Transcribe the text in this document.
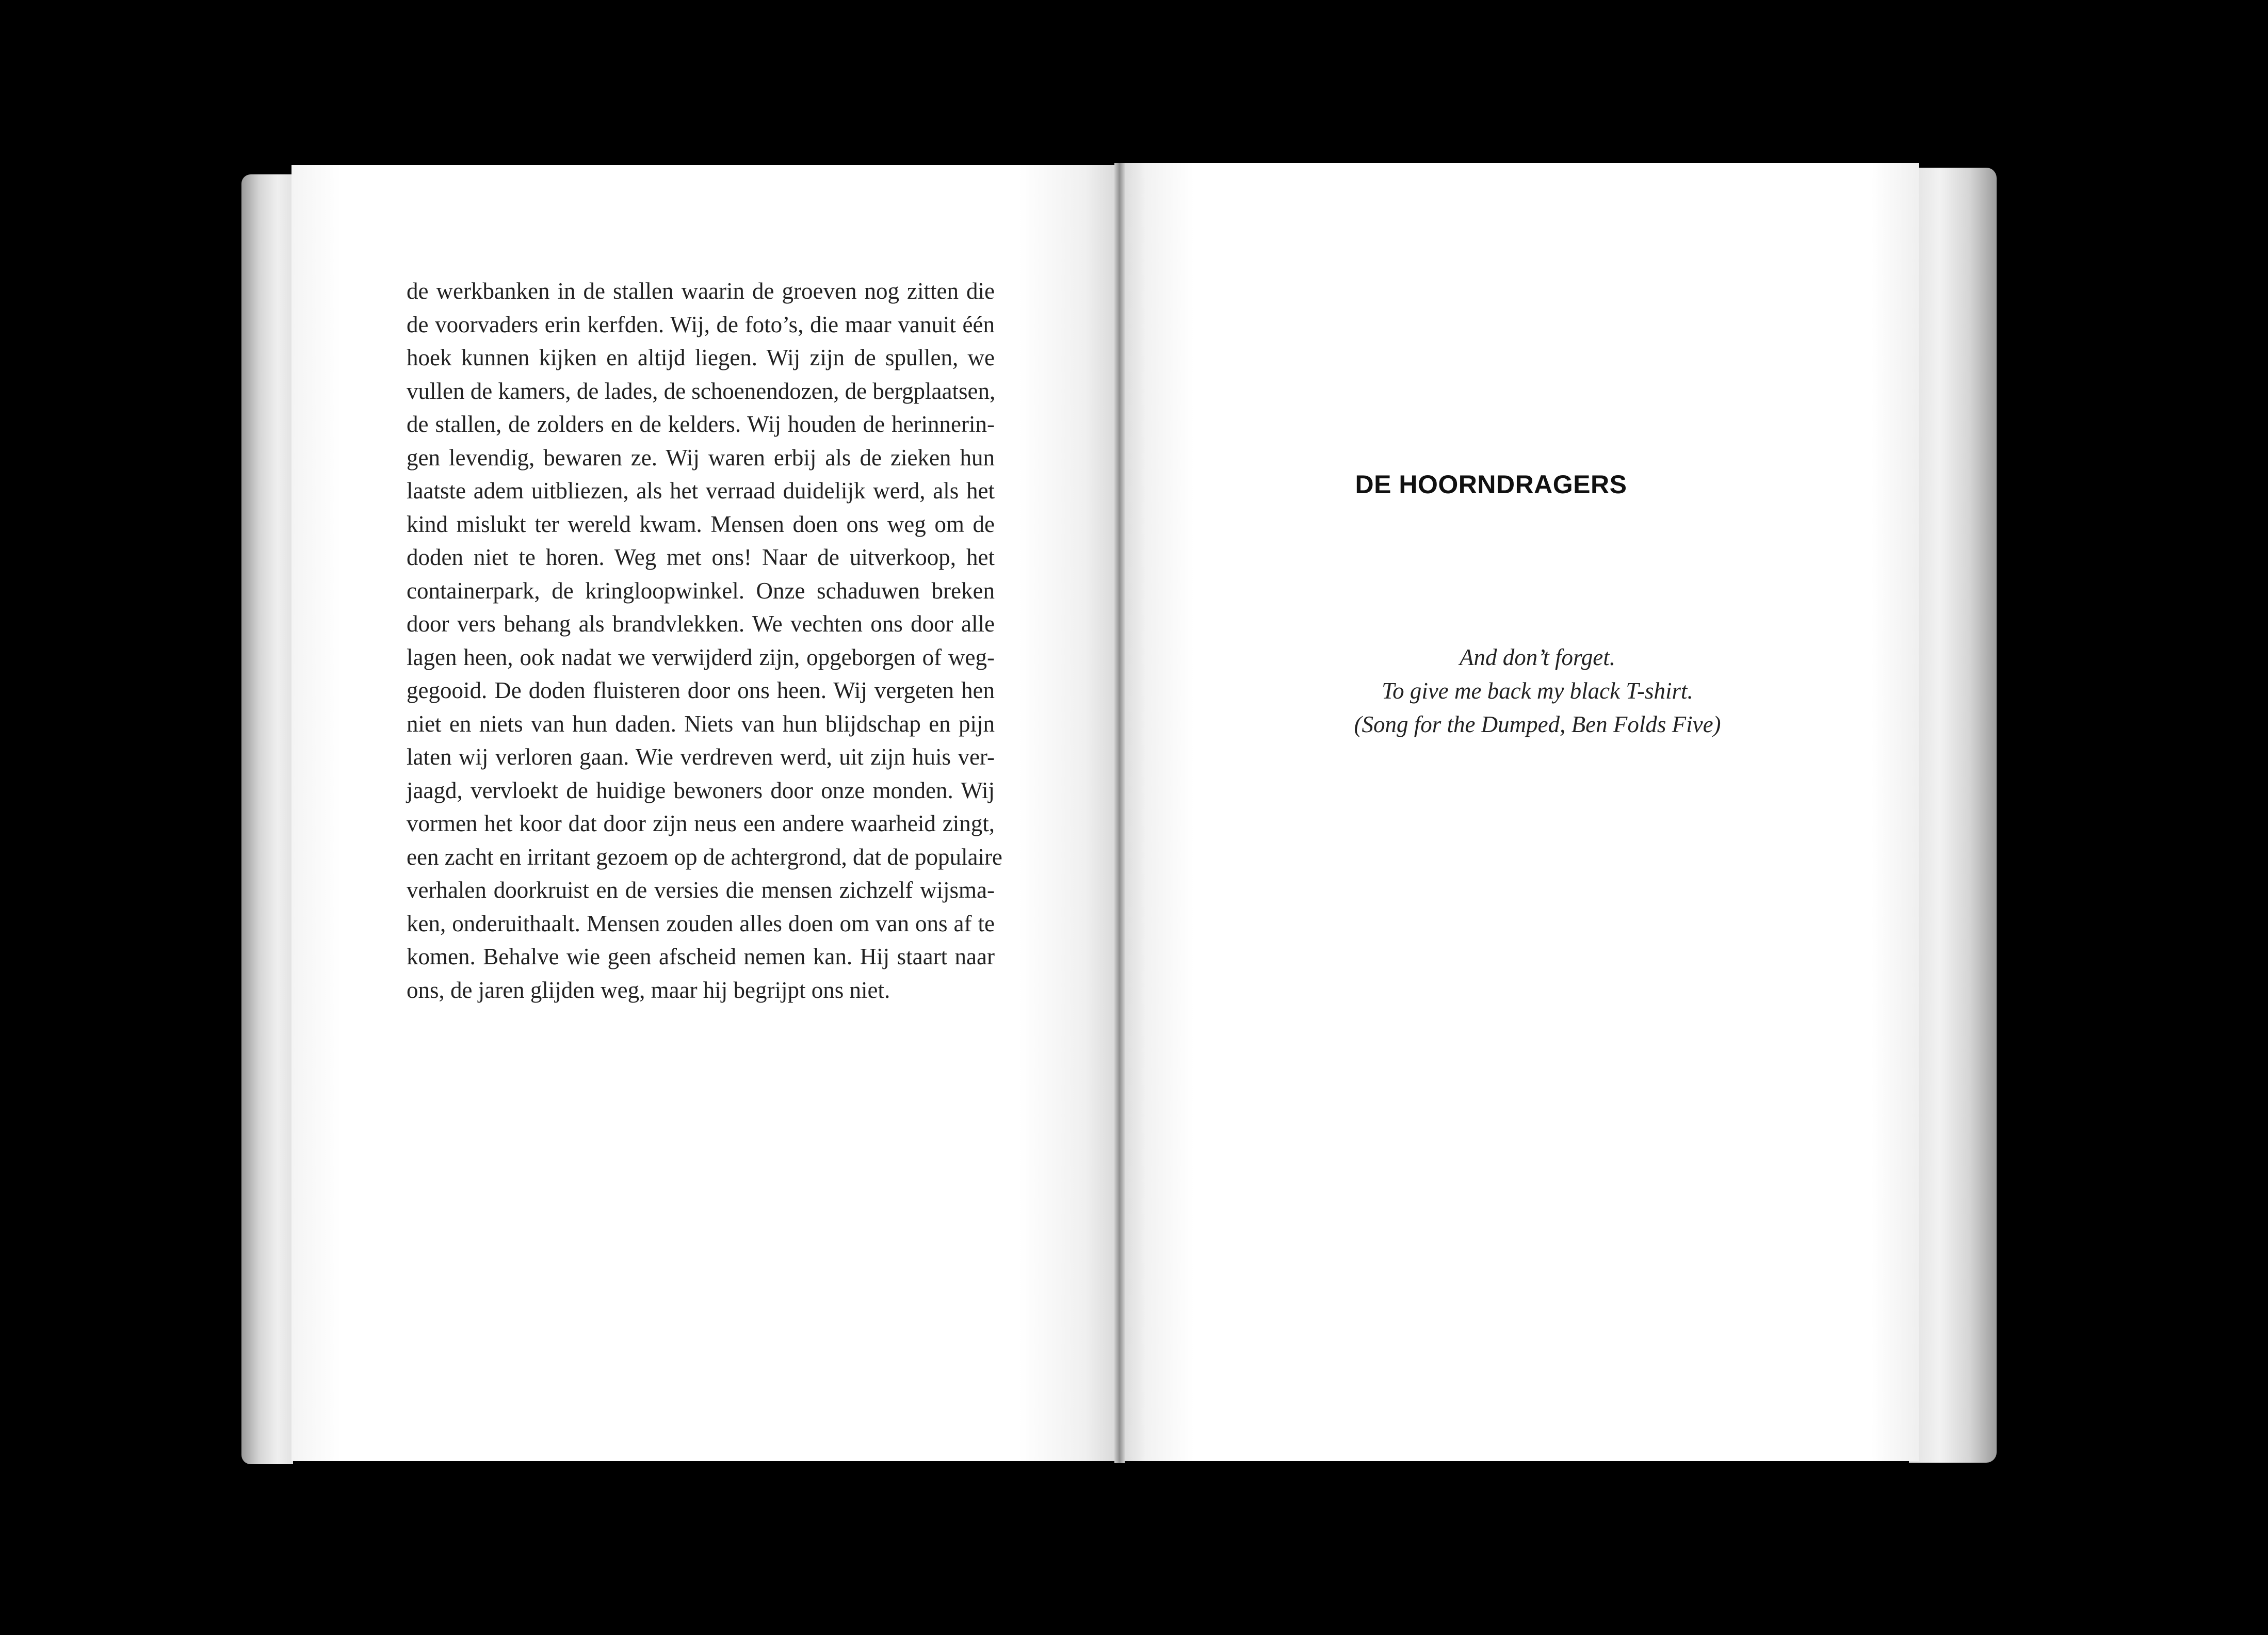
de werkbanken in de stallen waarin de groeven nog zitten die

de voorvaders erin kerfden. Wij, de foto’s, die maar vanuit één

hoek kunnen kijken en altijd liegen. Wij zijn de spullen, we

vullen de kamers, de lades, de schoenendozen, de bergplaatsen,

de stallen, de zolders en de kelders. Wij houden de herinnerin-

gen levendig, bewaren ze. Wij waren erbij als de zieken hun

laatste adem uitbliezen, als het verraad duidelijk werd, als het

kind mislukt ter wereld kwam. Mensen doen ons weg om de

doden niet te horen. Weg met ons! Naar de uitverkoop, het

containerpark, de kringloopwinkel. Onze schaduwen breken

door vers behang als brandvlekken. We vechten ons door alle

lagen heen, ook nadat we verwijderd zijn, opgeborgen of weg-

gegooid. De doden fluisteren door ons heen. Wij vergeten hen

niet en niets van hun daden. Niets van hun blijdschap en pijn

laten wij verloren gaan. Wie verdreven werd, uit zijn huis ver-

jaagd, vervloekt de huidige bewoners door onze monden. Wij

vormen het koor dat door zijn neus een andere waarheid zingt,

een zacht en irritant gezoem op de achtergrond, dat de populaire

verhalen doorkruist en de versies die mensen zichzelf wijsma-

ken, onderuithaalt. Mensen zouden alles doen om van ons af te

komen. Behalve wie geen afscheid nemen kan. Hij staart naar

ons, de jaren glijden weg, maar hij begrijpt ons niet.

DE HOORNDRAGERS
And don’t forget.
To give me back my black T-shirt.
(Song for the Dumped, Ben Folds Five)
